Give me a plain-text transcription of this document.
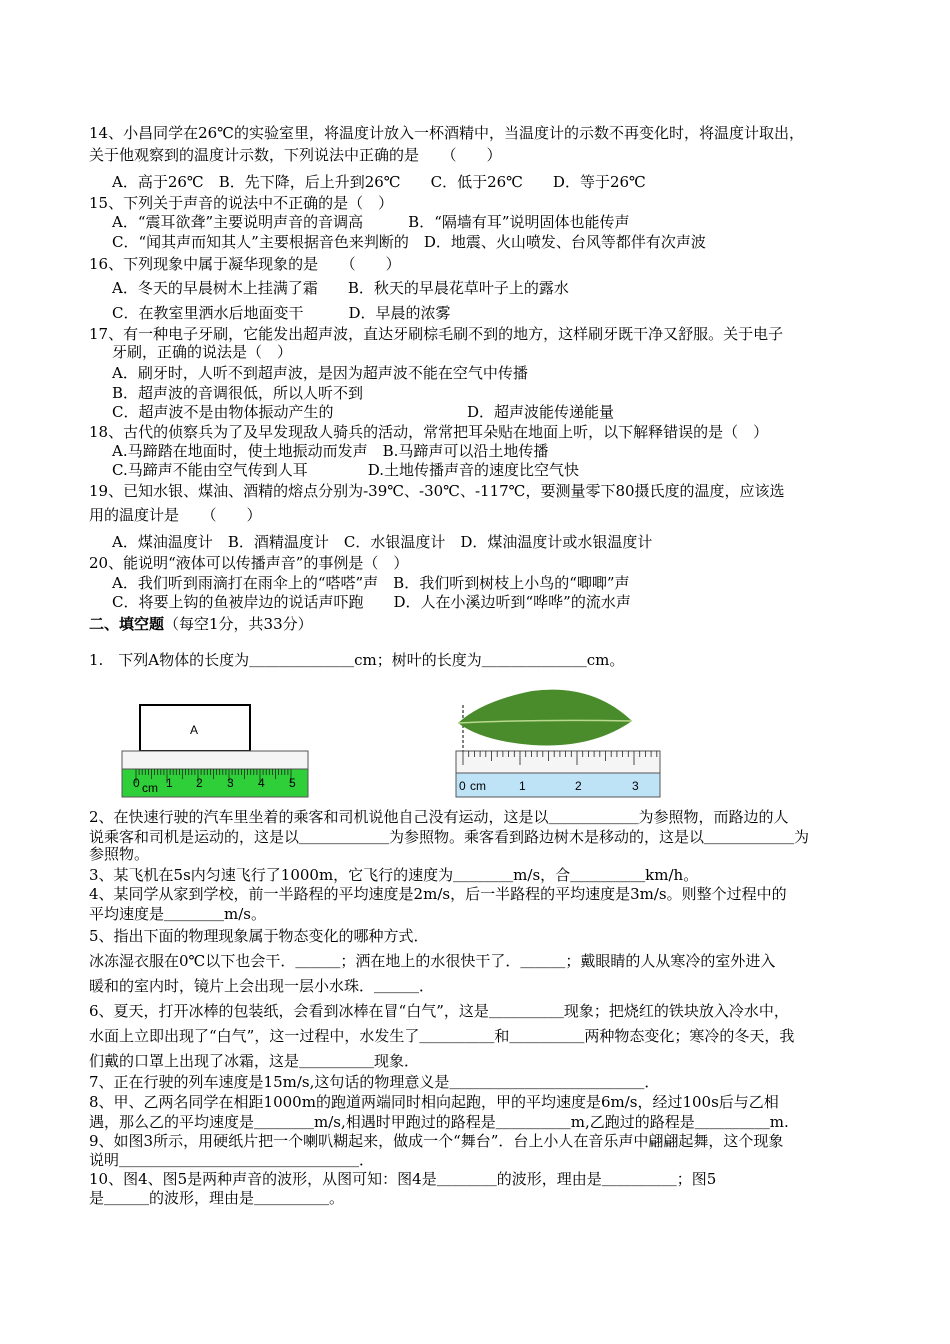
14、小昌同学在26℃的实验室里，将温度计放入一杯酒精中，当温度计的示数不再变化时，将温度计取出，
关于他观察到的温度计示数，下列说法中正确的是　　（　　）
A．高于26℃　B．先下降，后上升到26℃　　C．低于26℃　　D．等于26℃
15、下列关于声音的说法中不正确的是（　）
A．“震耳欲聋”主要说明声音的音调高　　　B．“隔墙有耳”说明固体也能传声
C．“闻其声而知其人”主要根据音色来判断的　D．地震、火山喷发、台风等都伴有次声波
16、下列现象中属于凝华现象的是　　（　　）
A．冬天的早晨树木上挂满了霜　　B．秋天的早晨花草叶子上的露水
C．在教室里洒水后地面变干　　　D．早晨的浓雾
17、有一种电子牙刷，它能发出超声波，直达牙刷棕毛刷不到的地方，这样刷牙既干净又舒服。关于电子
牙刷，正确的说法是（　）
A．刷牙时，人听不到超声波，是因为超声波不能在空气中传播
B．超声波的音调很低，所以人听不到
C．超声波不是由物体振动产生的	D．超声波能传递能量
18、古代的侦察兵为了及早发现敌人骑兵的活动，常常把耳朵贴在地面上听，以下解释错误的是（　）
A.马蹄踏在地面时，使土地振动而发声　B.马蹄声可以沿土地传播
C.马蹄声不能由空气传到人耳　　　　D.土地传播声音的速度比空气快
19、已知水银、煤油、酒精的熔点分别为-39℃、-30℃、-117℃，要测量零下80摄氏度的温度，应该选
用的温度计是　　（　　）
A．煤油温度计　B．酒精温度计　C．水银温度计　D．煤油温度计或水银温度计
20、能说明“液体可以传播声音”的事例是（　）
A．我们听到雨滴打在雨伞上的“嗒嗒”声　B．我们听到树枝上小鸟的“唧唧”声
C．将要上钩的鱼被岸边的说话声吓跑　　D．人在小溪边听到“哗哗”的流水声
二、填空题（每空1分，共33分）
1.　下列A物体的长度为＿＿＿＿＿＿＿cm；树叶的长度为＿＿＿＿＿＿＿cm。
A
0 cm 1 2 3 4 5	0 cm	1	2	3
2、在快速行驶的汽车里坐着的乘客和司机说他自己没有运动，这是以＿＿＿＿＿＿为参照物，而路边的人
说乘客和司机是运动的，这是以＿＿＿＿＿＿为参照物。乘客看到路边树木是移动的，这是以＿＿＿＿＿＿为
参照物。
3、某飞机在5s内匀速飞行了1000m，它飞行的速度为＿＿＿＿m/s，合＿＿＿＿＿km/h。
4、某同学从家到学校，前一半路程的平均速度是2m/s，后一半路程的平均速度是3m/s。则整个过程中的
平均速度是＿＿＿＿m/s。
5、指出下面的物理现象属于物态变化的哪种方式．
冰冻湿衣服在0℃以下也会干．＿＿＿；洒在地上的水很快干了．＿＿＿；戴眼睛的人从寒冷的室外进入
暖和的室内时，镜片上会出现一层小水珠．＿＿＿．
6、夏天，打开冰棒的包装纸，会看到冰棒在冒“白气”，这是＿＿＿＿＿现象；把烧红的铁块放入冷水中，
水面上立即出现了“白气”，这一过程中，水发生了＿＿＿＿＿和＿＿＿＿＿两种物态变化；寒冷的冬天，我
们戴的口罩上出现了冰霜，这是＿＿＿＿＿现象．
7、正在行驶的列车速度是15m/s,这句话的物理意义是＿＿＿＿＿＿＿＿＿＿＿＿＿．
8、甲、乙两名同学在相距1000m的跑道两端同时相向起跑，甲的平均速度是6m/s，经过100s后与乙相
遇，那么乙的平均速度是＿＿＿＿m/s,相遇时甲跑过的路程是＿＿＿＿＿m,乙跑过的路程是＿＿＿＿＿m.
9、如图3所示，用硬纸片把一个喇叭糊起来，做成一个“舞台”．台上小人在音乐声中翩翩起舞，这个现象
说明＿＿＿＿＿＿＿＿＿＿＿＿＿＿＿＿．
10、图4、图5是两种声音的波形，从图可知：图4是＿＿＿＿的波形，理由是＿＿＿＿＿；图5
是＿＿＿的波形，理由是＿＿＿＿＿。
